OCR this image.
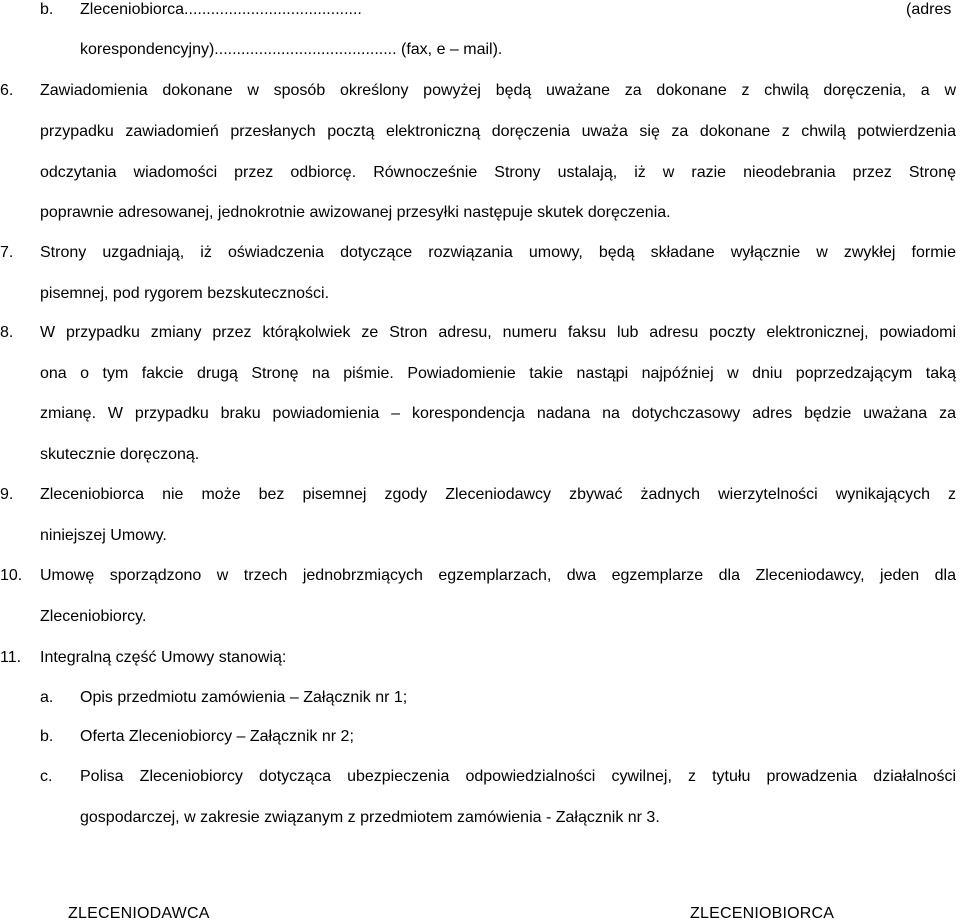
b. Zleceniobiorca........................................	(adres
korespondencyjny)......................................... (fax, e – mail).
6. Zawiadomienia dokonane w sposób określony powyżej będą uważane za dokonane z chwilą doręczenia, a w
przypadku zawiadomień przesłanych pocztą elektroniczną doręczenia uważa się za dokonane z chwilą potwierdzenia
odczytania wiadomości przez odbiorcę. Równocześnie Strony ustalają, iż w razie nieodebrania przez Stronę
poprawnie adresowanej, jednokrotnie awizowanej przesyłki następuje skutek doręczenia.
7. Strony uzgadniają, iż oświadczenia dotyczące rozwiązania umowy, będą składane wyłącznie w zwykłej formie
pisemnej, pod rygorem bezskuteczności.
8. W przypadku zmiany przez którąkolwiek ze Stron adresu, numeru faksu lub adresu poczty elektronicznej, powiadomi
ona o tym fakcie drugą Stronę na piśmie. Powiadomienie takie nastąpi najpóźniej w dniu poprzedzającym taką
zmianę. W przypadku braku powiadomienia – korespondencja nadana na dotychczasowy adres będzie uważana za
skutecznie doręczoną.
9. Zleceniobiorca nie może bez pisemnej zgody Zleceniodawcy zbywać żadnych wierzytelności wynikających z
niniejszej Umowy.
10. Umowę sporządzono w trzech jednobrzmiących egzemplarzach, dwa egzemplarze dla Zleceniodawcy, jeden dla
Zleceniobiorcy.
11. Integralną część Umowy stanowią:
a. Opis przedmiotu zamówienia – Załącznik nr 1;
b. Oferta Zleceniobiorcy – Załącznik nr 2;
c. Polisa Zleceniobiorcy dotycząca ubezpieczenia odpowiedzialności cywilnej, z tytułu prowadzenia działalności
gospodarczej, w zakresie związanym z przedmiotem zamówienia - Załącznik nr 3.
ZLECENIODAWCA	ZLECENIOBIORCA
